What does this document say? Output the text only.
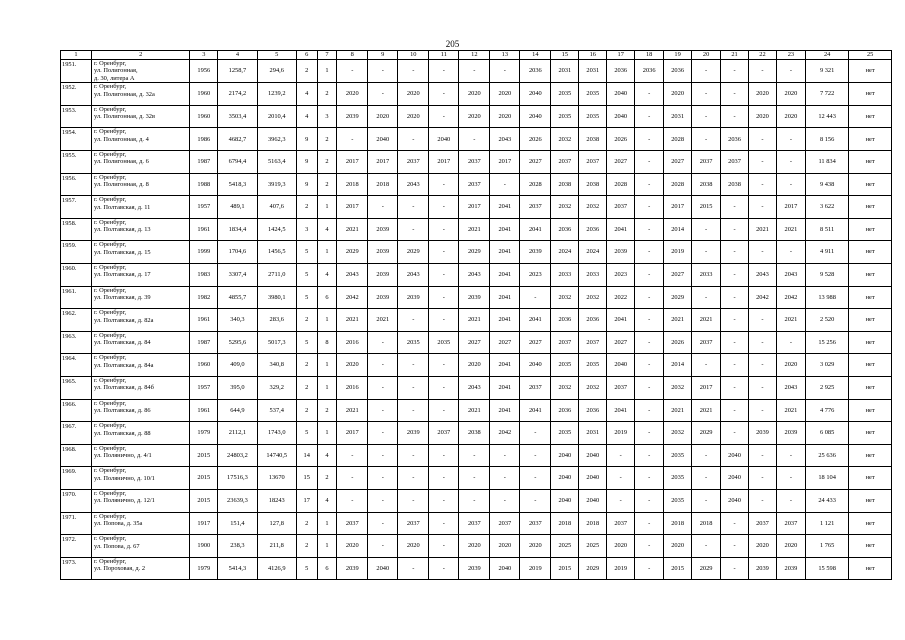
205
1	2	3	4	5	6	7	8	9	10	11	12	13	14	15	16	17	18	19	20	21	22	23	24	25
1951.	г. Оренбург,
ул. Полигонная,
д. 30, литера А	1956	1258,7	294,6	2	1	-	-	-	-	-	-	2036	2031	2031	2036	2036	2036	-	-	-	-	9 321	нет
1952.	г. Оренбург,
ул. Полигонная, д. 32а	1960	2174,2	1239,2	4	2	2020	-	2020	-	2020	2020	2040	2035	2035	2040	-	2020	-	-	2020	2020	7 722	нет
1953.	г. Оренбург,
ул. Полигонная, д. 32в	1960	3503,4	2010,4	4	3	2039	2020	2020	-	2020	2020	2040	2035	2035	2040	-	2031	-	-	2020	2020	12 443	нет
1954.	г. Оренбург,
ул. Полигонная, д. 4	1986	4682,7	3962,3	9	2	-	2040	-	2040	-	2043	2026	2032	2038	2026	-	2028	-	2036	-	-	8 156	нет
1955.	г. Оренбург,
ул. Полигонная, д. 6	1987	6794,4	5163,4	9	2	2017	2017	2037	2017	2037	2017	2027	2037	2037	2027	-	2027	2037	2037	-	-	11 834	нет
1956.	г. Оренбург,
ул. Полигонная, д. 8	1988	5418,3	3919,3	9	2	2018	2018	2043	-	2037	-	2028	2038	2038	2028	-	2028	2038	2038	-	-	9 438	нет
1957.	г. Оренбург,
ул. Полтавская, д. 11	1957	489,1	407,6	2	1	2017	-	-	-	2017	2041	2037	2032	2032	2037	-	2017	2015	-	-	2017	3 622	нет
1958.	г. Оренбург,
ул. Полтавская, д. 13	1961	1834,4	1424,5	3	4	2021	2039	-	-	2021	2041	2041	2036	2036	2041	-	2014	-	-	2021	2021	8 511	нет
1959.	г. Оренбург,
ул. Полтавская, д. 15	1999	1704,6	1456,5	5	1	2029	2039	2029	-	2029	2041	2039	2024	2024	2039	-	2019	-	-	-	-	4 911	нет
1960.	г. Оренбург,
ул. Полтавская, д. 17	1983	3307,4	2711,0	5	4	2043	2039	2043	-	2043	2041	2023	2033	2033	2023	-	2027	2033	-	2043	2043	9 528	нет
1961.	г. Оренбург,
ул. Полтавская, д. 39	1982	4855,7	3980,1	5	6	2042	2039	2039	-	2039	2041	-	2032	2032	2022	-	2029	-	-	2042	2042	13 988	нет
1962.	г. Оренбург,
ул. Полтавская, д. 82а	1961	340,3	283,6	2	1	2021	2021	-	-	2021	2041	2041	2036	2036	2041	-	2021	2021	-	-	2021	2 520	нет
1963.	г. Оренбург,
ул. Полтавская, д. 84	1987	5295,6	5017,3	5	8	2016	-	2035	2035	2027	2027	2027	2037	2037	2027	-	2026	2037	-	-	-	15 256	нет
1964.	г. Оренбург,
ул. Полтавская, д. 84а	1960	409,0	340,8	2	1	2020	-	-	-	2020	2041	2040	2035	2035	2040	-	2014	-	-	-	2020	3 029	нет
1965.	г. Оренбург,
ул. Полтавская, д. 84б	1957	395,0	329,2	2	1	2016	-	-	-	2043	2041	2037	2032	2032	2037	-	2032	2017	-	-	2043	2 925	нет
1966.	г. Оренбург,
ул. Полтавская, д. 86	1961	644,9	537,4	2	2	2021	-	-	-	2021	2041	2041	2036	2036	2041	-	2021	2021	-	-	2021	4 776	нет
1967.	г. Оренбург,
ул. Полтавская, д. 88	1979	2112,1	1743,0	5	1	2017	-	2039	2037	2038	2042	-	2035	2031	2019	-	2032	2029	-	2039	2039	6 085	нет
1968.	г. Оренбург,
ул. Полянично, д. 4/1	2015	24803,2	14740,5	14	4	-	-	-	-	-	-	-	2040	2040	-	-	2035	-	2040	-	-	25 636	нет
1969.	г. Оренбург,
ул. Полянично, д. 10/1	2015	17516,3	13670	15	2	-	-	-	-	-	-	-	2040	2040	-	-	2035	-	2040	-	-	18 104	нет
1970.	г. Оренбург,
ул. Полянично, д. 12/1	2015	23639,3	18243	17	4	-	-	-	-	-	-	-	2040	2040	-	-	2035	-	2040	-	-	24 433	нет
1971.	г. Оренбург,
ул. Попова, д. 35а	1917	151,4	127,8	2	1	2037	-	2037	-	2037	2037	2037	2018	2018	2037	-	2018	2018	-	2037	2037	1 121	нет
1972.	г. Оренбург,
ул. Попова, д. 67	1900	238,3	211,8	2	1	2020	-	2020	-	2020	2020	2020	2025	2025	2020	-	2020	-	-	2020	2020	1 765	нет
1973.	г. Оренбург,
ул. Пороховая, д. 2	1979	5414,3	4126,9	5	6	2039	2040	-	-	2039	2040	2019	2015	2029	2019	-	2015	2029	-	2039	2039	15 598	нет
